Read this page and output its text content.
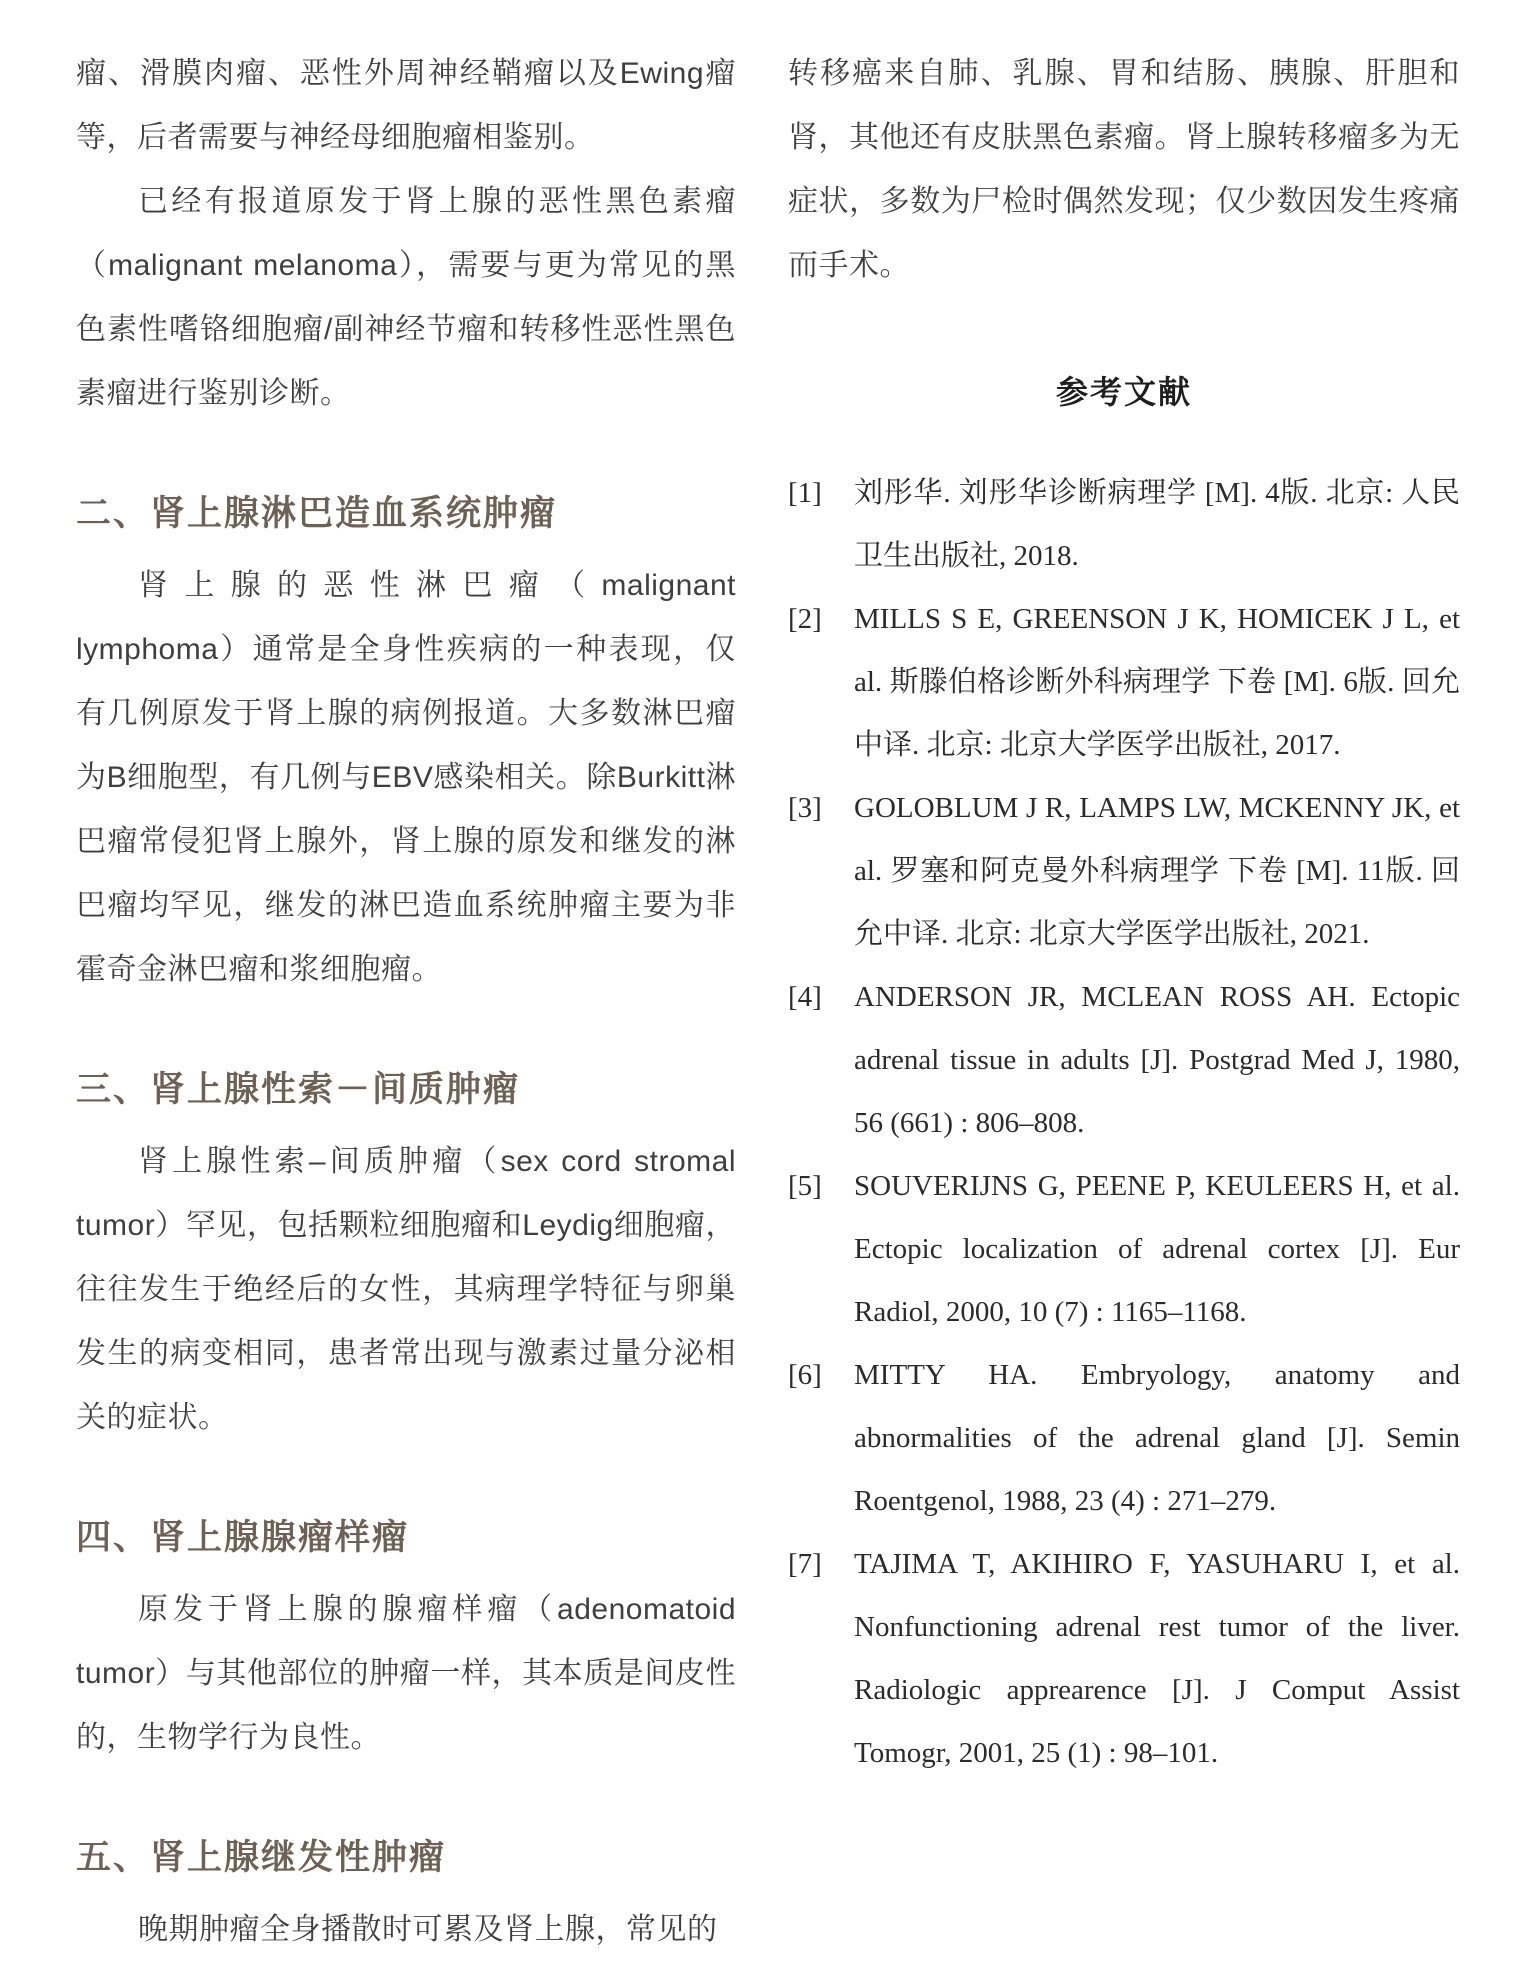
瘤、滑膜肉瘤、恶性外周神经鞘瘤以及Ewing瘤等，后者需要与神经母细胞瘤相鉴别。

已经有报道原发于肾上腺的恶性黑色素瘤（malignant melanoma），需要与更为常见的黑色素性嗜铬细胞瘤/副神经节瘤和转移性恶性黑色素瘤进行鉴别诊断。

二、肾上腺淋巴造血系统肿瘤

肾上腺的恶性淋巴瘤（malignant lymphoma）通常是全身性疾病的一种表现，仅有几例原发于肾上腺的病例报道。大多数淋巴瘤为B细胞型，有几例与EBV感染相关。除Burkitt淋巴瘤常侵犯肾上腺外，肾上腺的原发和继发的淋巴瘤均罕见，继发的淋巴造血系统肿瘤主要为非霍奇金淋巴瘤和浆细胞瘤。

三、肾上腺性索－间质肿瘤

肾上腺性索–间质肿瘤（sex cord stromal tumor）罕见，包括颗粒细胞瘤和Leydig细胞瘤，往往发生于绝经后的女性，其病理学特征与卵巢发生的病变相同，患者常出现与激素过量分泌相关的症状。

四、肾上腺腺瘤样瘤

原发于肾上腺的腺瘤样瘤（adenomatoid tumor）与其他部位的肿瘤一样，其本质是间皮性的，生物学行为良性。

五、肾上腺继发性肿瘤

晚期肿瘤全身播散时可累及肾上腺，常见的

转移癌来自肺、乳腺、胃和结肠、胰腺、肝胆和肾，其他还有皮肤黑色素瘤。肾上腺转移瘤多为无症状，多数为尸检时偶然发现；仅少数因发生疼痛而手术。

参考文献
[1] 刘彤华. 刘彤华诊断病理学 [M]. 4版. 北京: 人民卫生出版社, 2018.
[2] MILLS S E, GREENSON J K, HOMICEK J L, et al. 斯滕伯格诊断外科病理学 下卷 [M]. 6版. 回允中译. 北京: 北京大学医学出版社, 2017.
[3] GOLOBLUM J R, LAMPS LW, MCKENNY JK, et al. 罗塞和阿克曼外科病理学 下卷 [M]. 11版. 回允中译. 北京: 北京大学医学出版社, 2021.
[4] ANDERSON JR, MCLEAN ROSS AH. Ectopic adrenal tissue in adults [J]. Postgrad Med J, 1980, 56 (661) : 806–808.
[5] SOUVERIJNS G, PEENE P, KEULEERS H, et al. Ectopic localization of adrenal cortex [J]. Eur Radiol, 2000, 10 (7) : 1165–1168.
[6] MITTY HA. Embryology, anatomy and abnormalities of the adrenal gland [J]. Semin Roentgenol, 1988, 23 (4) : 271–279.
[7] TAJIMA T, AKIHIRO F, YASUHARU I, et al. Nonfunctioning adrenal rest tumor of the liver. Radiologic apprearence [J]. J Comput Assist Tomogr, 2001, 25 (1) : 98–101.
